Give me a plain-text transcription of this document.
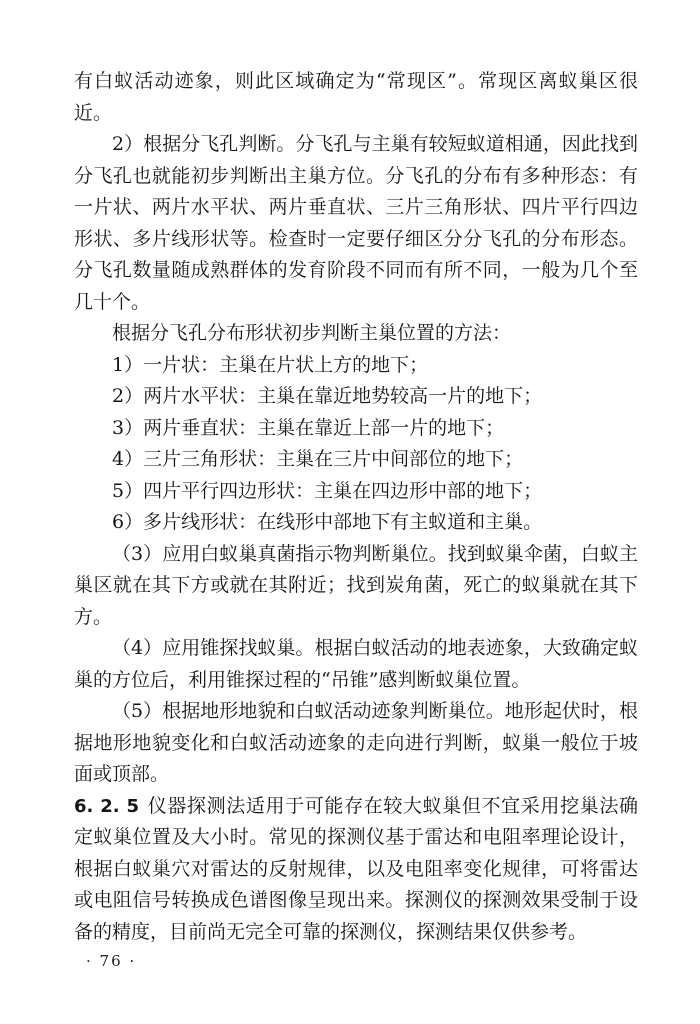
有白蚁活动迹象，则此区域确定为“常现区”。常现区离蚁巢区很近。

2）根据分飞孔判断。分飞孔与主巢有较短蚁道相通，因此找到分飞孔也就能初步判断出主巢方位。分飞孔的分布有多种形态：有一片状、两片水平状、两片垂直状、三片三角形状、四片平行四边形状、多片线形状等。检查时一定要仔细区分分飞孔的分布形态。分飞孔数量随成熟群体的发育阶段不同而有所不同，一般为几个至几十个。

根据分飞孔分布形状初步判断主巢位置的方法：

1）一片状：主巢在片状上方的地下；
2）两片水平状：主巢在靠近地势较高一片的地下；
3）两片垂直状：主巢在靠近上部一片的地下；
4）三片三角形状：主巢在三片中间部位的地下；
5）四片平行四边形状：主巢在四边形中部的地下；
6）多片线形状：在线形中部地下有主蚁道和主巢。

（3）应用白蚁巢真菌指示物判断巢位。找到蚁巢伞菌，白蚁主巢区就在其下方或就在其附近；找到炭角菌，死亡的蚁巢就在其下方。

（4）应用锥探找蚁巢。根据白蚁活动的地表迹象，大致确定蚁巢的方位后，利用锥探过程的“吊锥”感判断蚁巢位置。

（5）根据地形地貌和白蚁活动迹象判断巢位。地形起伏时，根据地形地貌变化和白蚁活动迹象的走向进行判断，蚁巢一般位于坡面或顶部。

6. 2. 5 仪器探测法适用于可能存在较大蚁巢但不宜采用挖巢法确定蚁巢位置及大小时。常见的探测仪基于雷达和电阻率理论设计，根据白蚁巢穴对雷达的反射规律，以及电阻率变化规律，可将雷达或电阻信号转换成色谱图像呈现出来。探测仪的探测效果受制于设备的精度，目前尚无完全可靠的探测仪，探测结果仅供参考。

· 76 ·
